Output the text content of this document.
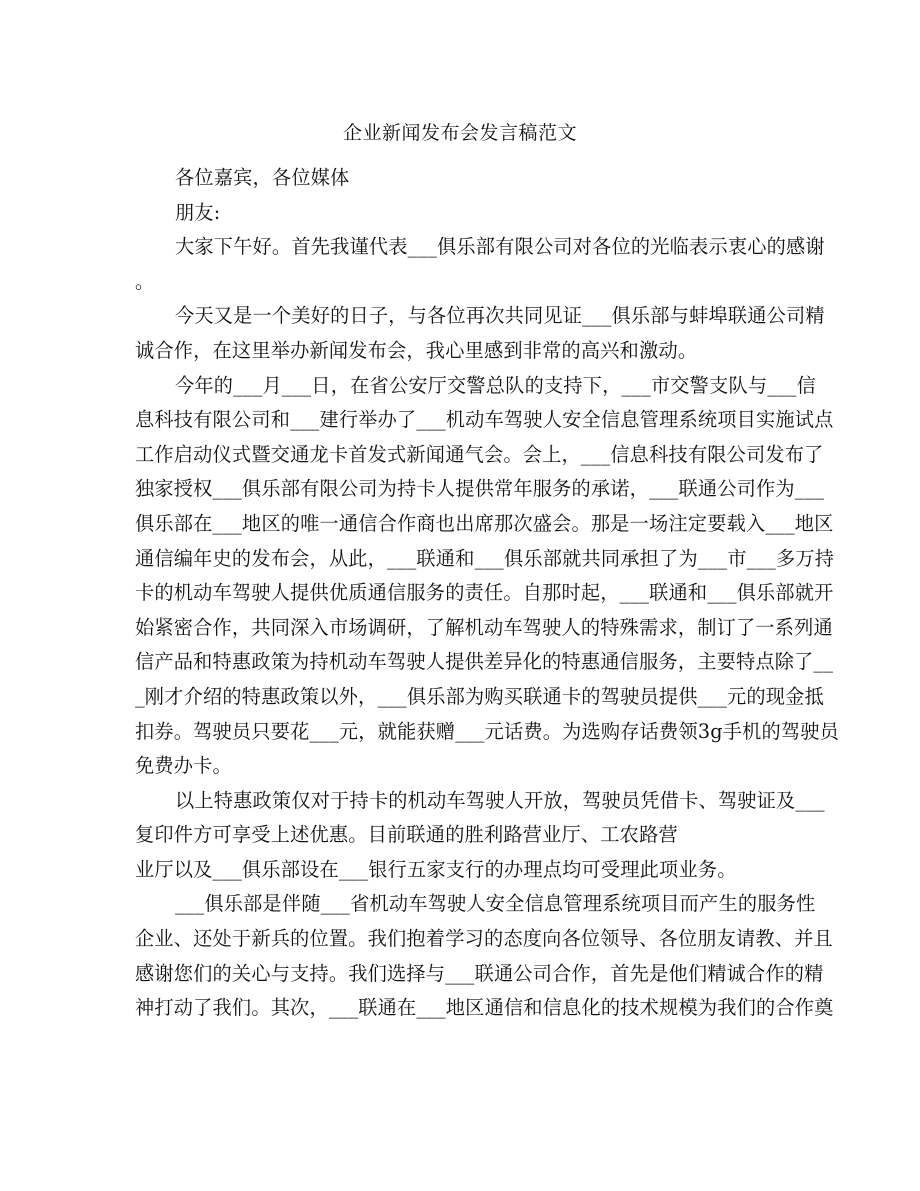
企业新闻发布会发言稿范文
各位嘉宾，各位媒体
朋友:
大家下午好。首先我谨代表___俱乐部有限公司对各位的光临表示衷心的感谢
。
今天又是一个美好的日子，与各位再次共同见证___俱乐部与蚌埠联通公司精
诚合作，在这里举办新闻发布会，我心里感到非常的高兴和激动。
今年的___月___日，在省公安厅交警总队的支持下，___市交警支队与___信
息科技有限公司和___建行举办了___机动车驾驶人安全信息管理系统项目实施试点
工作启动仪式暨交通龙卡首发式新闻通气会。会上，___信息科技有限公司发布了
独家授权___俱乐部有限公司为持卡人提供常年服务的承诺，___联通公司作为___
俱乐部在___地区的唯一通信合作商也出席那次盛会。那是一场注定要载入___地区
通信编年史的发布会，从此，___联通和___俱乐部就共同承担了为___市___多万持
卡的机动车驾驶人提供优质通信服务的责任。自那时起，___联通和___俱乐部就开
始紧密合作，共同深入市场调研，了解机动车驾驶人的特殊需求，制订了一系列通
信产品和特惠政策为持机动车驾驶人提供差异化的特惠通信服务，主要特点除了__
_刚才介绍的特惠政策以外，___俱乐部为购买联通卡的驾驶员提供___元的现金抵
扣券。驾驶员只要花___元，就能获赠___元话费。为选购存话费领3g手机的驾驶员
免费办卡。
以上特惠政策仅对于持卡的机动车驾驶人开放，驾驶员凭借卡、驾驶证及___
复印件方可享受上述优惠。目前联通的胜利路营业厅、工农路营
业厅以及___俱乐部设在___银行五家支行的办理点均可受理此项业务。
___俱乐部是伴随___省机动车驾驶人安全信息管理系统项目而产生的服务性
企业、还处于新兵的位置。我们抱着学习的态度向各位领导、各位朋友请教、并且
感谢您们的关心与支持。我们选择与___联通公司合作，首先是他们精诚合作的精
神打动了我们。其次，___联通在___地区通信和信息化的技术规模为我们的合作奠
